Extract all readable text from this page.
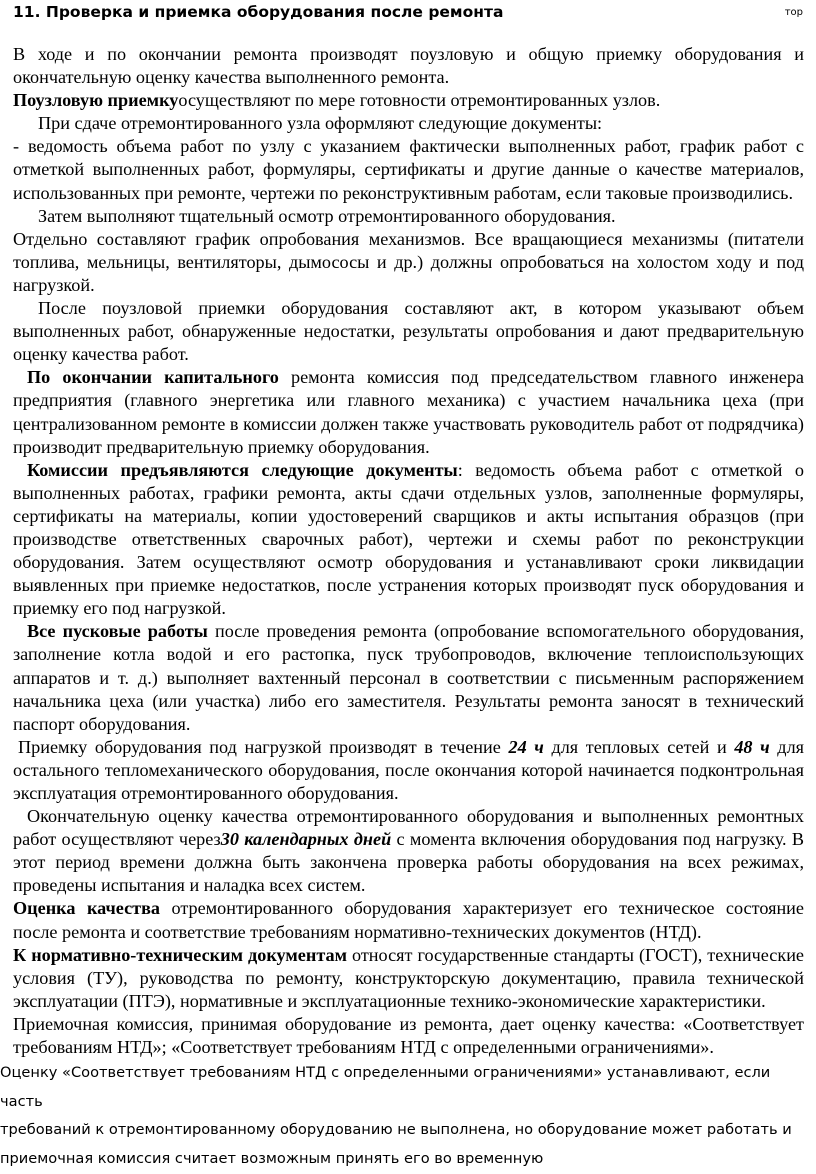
11. Проверка и приемка оборудования после ремонта	тор

В ходе и по окончании ремонта производят поузловую и общую приемку оборудования и окончательную оценку качества выполненного ремонта.

Поузловую приемкуосуществляют по мере готовности отремонтированных узлов.

При сдаче отремонтированного узла оформляют следующие документы:

- ведомость объема работ по узлу с указанием фактически выполненных работ, график работ с отметкой выполненных работ, формуляры, сертификаты и другие данные о качестве материалов, использованных при ремонте, чертежи по реконструктивным работам, если таковые производились.

Затем выполняют тщательный осмотр отремонтированного оборудования.

Отдельно составляют график опробования механизмов. Все вращающиеся механизмы (питатели топлива, мельницы, вентиляторы, дымососы и др.) должны опробоваться на холостом ходу и под нагрузкой.

После поузловой приемки оборудования составляют акт, в котором указывают объем выполненных работ, обнаруженные недостатки, результаты опробования и дают предварительную оценку качества работ.

По окончании капитального ремонта комиссия под председательством главного инженера предприятия (главного энергетика или главного механика) с участием начальника цеха (при централизованном ремонте в комиссии должен также участвовать руководитель работ от подрядчика) производит предварительную приемку оборудования.

Комиссии предъявляются следующие документы: ведомость объема работ с отметкой о выполненных работах, графики ремонта, акты сдачи отдельных узлов, заполненные формуляры, сертификаты на материалы, копии удостоверений сварщиков и акты испытания образцов (при производстве ответственных сварочных работ), чертежи и схемы работ по реконструкции оборудования. Затем осуществляют осмотр оборудования и устанавливают сроки ликвидации выявленных при приемке недостатков, после устранения которых производят пуск оборудования и приемку его под нагрузкой.

Все пусковые работы после проведения ремонта (опробование вспомогательного оборудования, заполнение котла водой и его растопка, пуск трубопроводов, включение теплоиспользующих аппаратов и т. д.) выполняет вахтенный персонал в соответствии с письменным распоряжением начальника цеха (или участка) либо его заместителя. Результаты ремонта заносят в технический паспорт оборудования.

Приемку оборудования под нагрузкой производят в течение 24 ч для тепловых сетей и 48 ч для остального тепломеханического оборудования, после окончания которой начинается подконтрольная эксплуатация отремонтированного оборудования.

Окончательную оценку качества отремонтированного оборудования и выполненных ремонтных работ осуществляют через30 календарных дней с момента включения оборудования под нагрузку. В этот период времени должна быть закончена проверка работы оборудования на всех режимах, проведены испытания и наладка всех систем.

Оценка качества отремонтированного оборудования характеризует его техническое состояние после ремонта и соответствие требованиям нормативно-технических документов (НТД).

К нормативно-техническим документам относят государственные стандарты (ГОСТ), технические условия (ТУ), руководства по ремонту, конструкторскую документацию, правила технической эксплуатации (ПТЭ), нормативные и эксплуатационные технико-экономические характеристики.

Приемочная комиссия, принимая оборудование из ремонта, дает оценку качества: «Соответствует требованиям НТД»; «Соответствует требованиям НТД с определенными ограничениями».

Оценку «Соответствует требованиям НТД с определенными ограничениями» устанавливают, если часть

требований к отремонтированному оборудованию не выполнена, но оборудование может работать и

приемочная комиссия считает возможным принять его во временную
